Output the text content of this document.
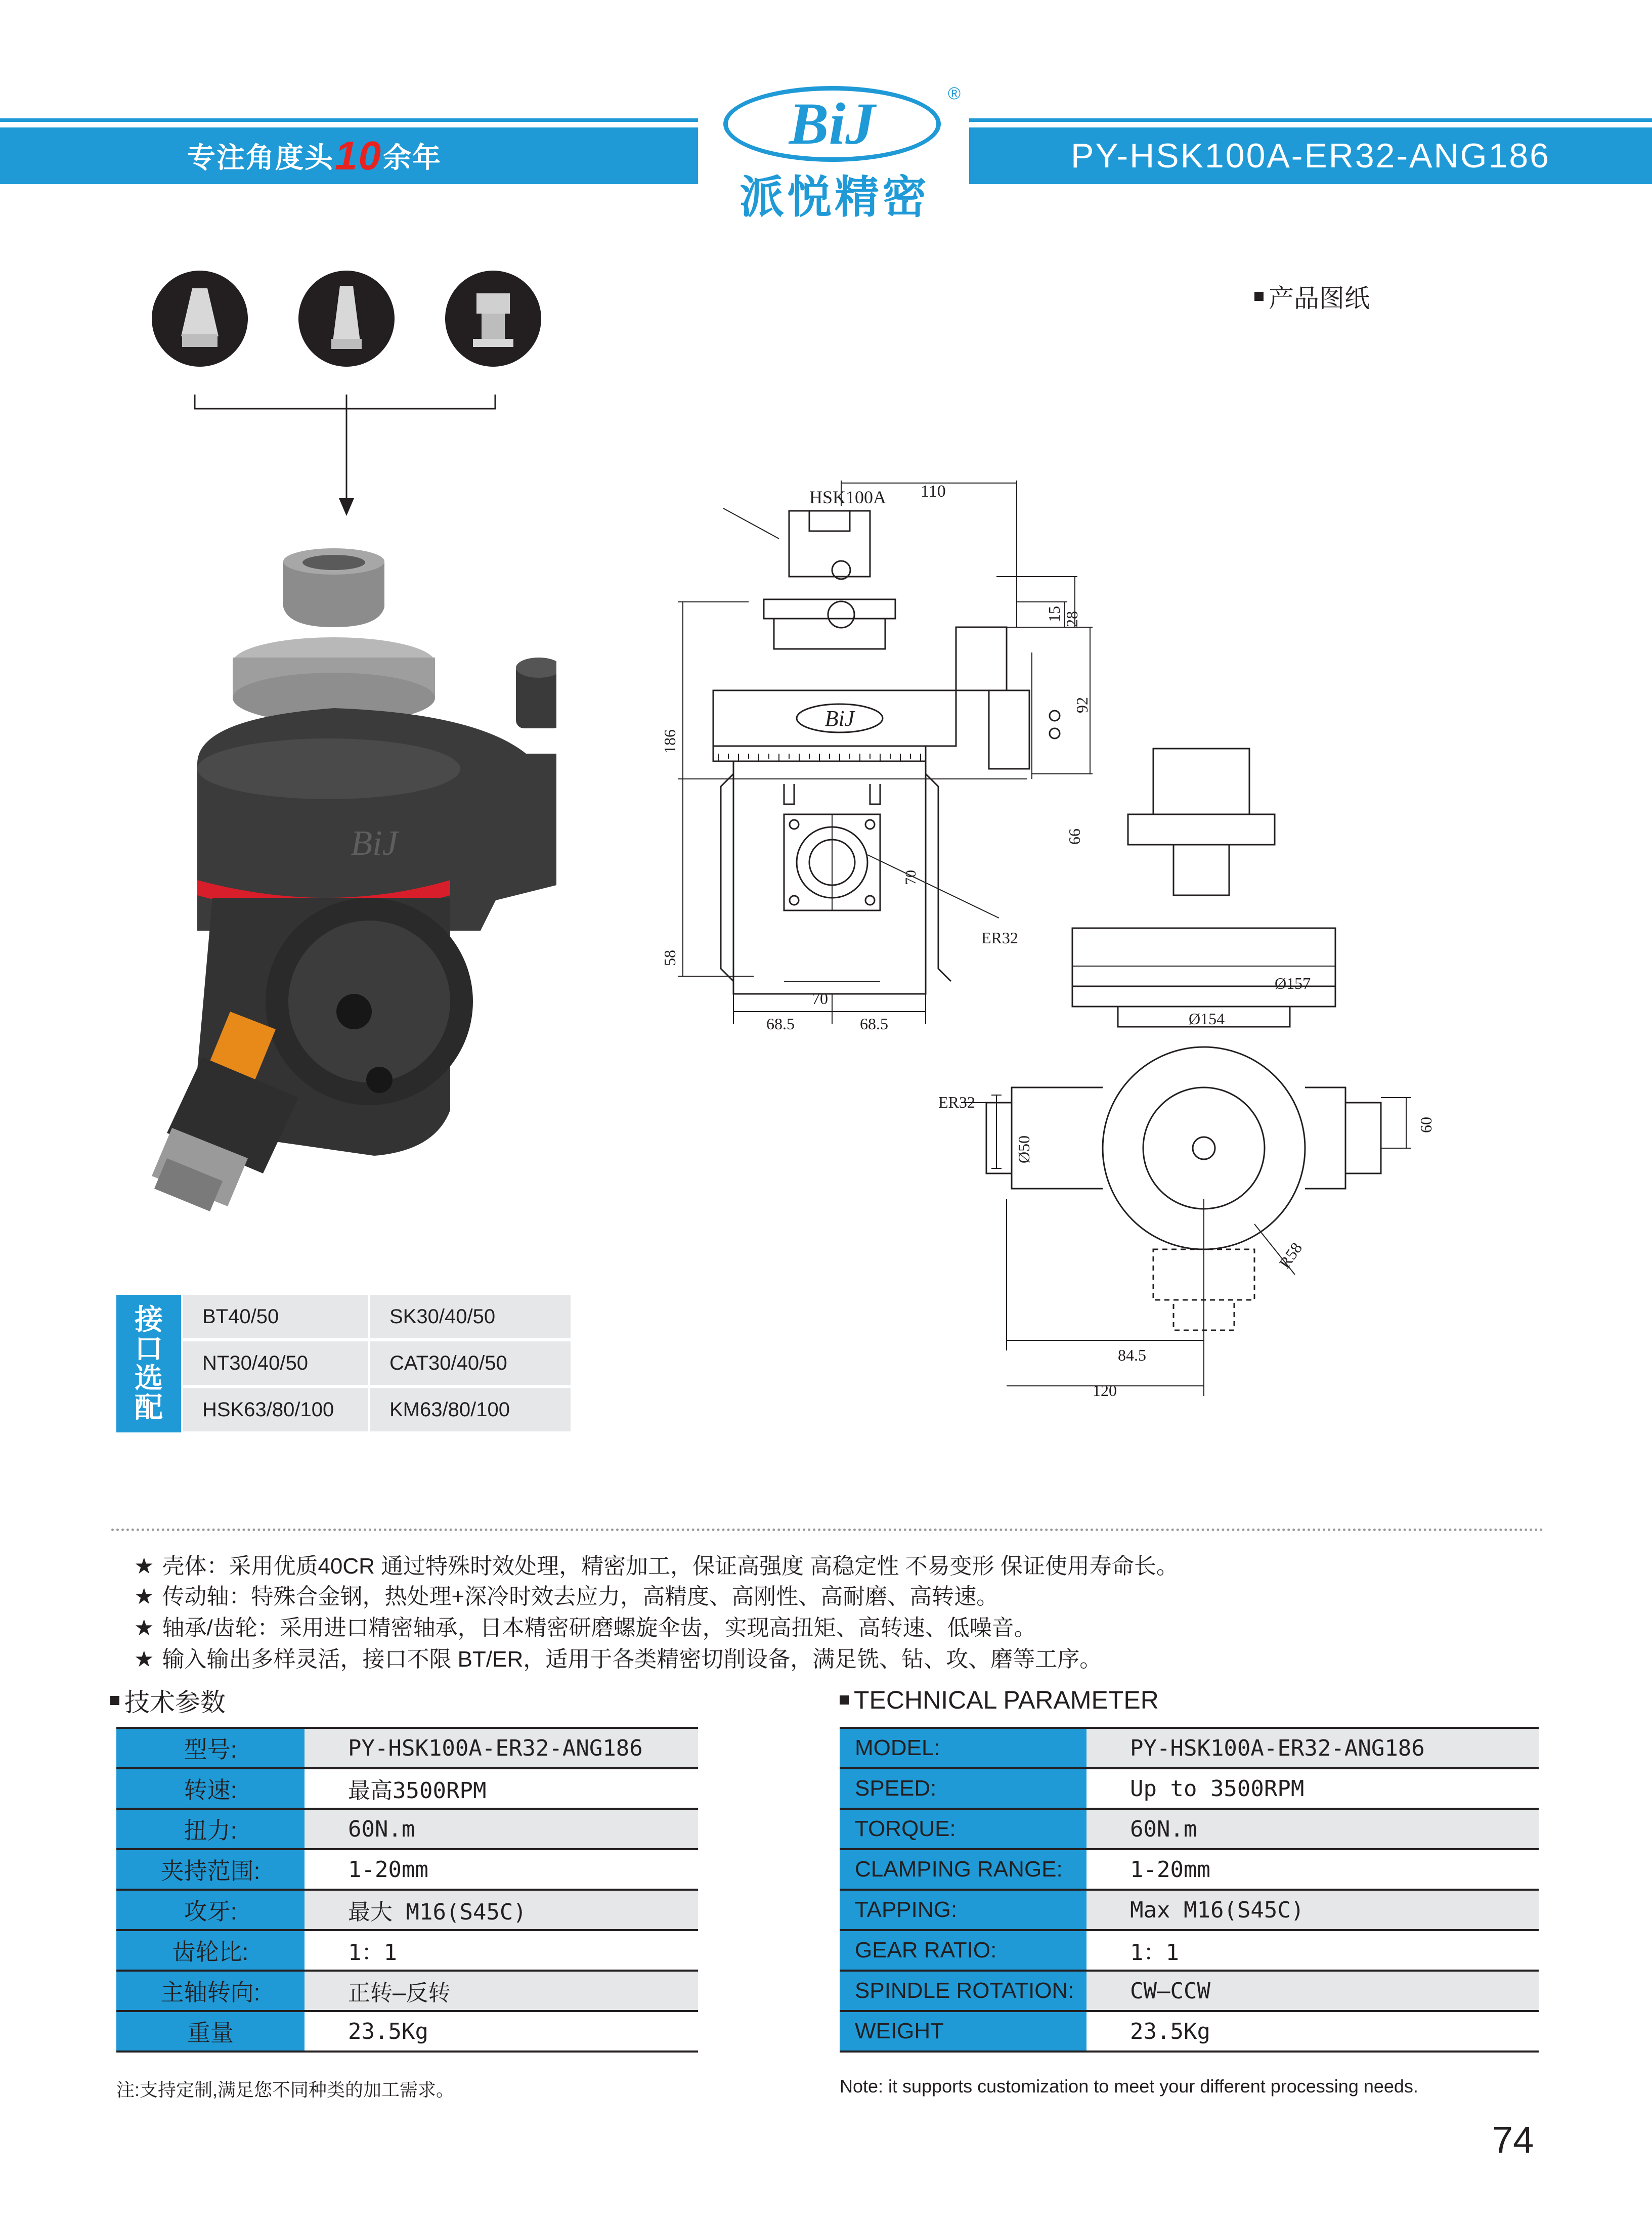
专注角度头 10 余年	PY-HSK100A-ER32-ANG186
BiJ	®
派悦精密
BiJ
产品图纸
BiJ
HSK100A 110
15 28
92
186
66
70
ER32
58
70
68.5	68.5
Ø157
Ø154
Ø50
60
ER32
R58
84.5
120
接口选配
BT40/50	SK30/40/50
NT30/40/50	CAT30/40/50
HSK63/80/100	KM63/80/100
★ 壳体：采用优质40CR 通过特殊时效处理，精密加工，保证高强度 高稳定性 不易变形 保证使用寿命长。
★ 传动轴：特殊合金钢，热处理+深冷时效去应力，高精度、高刚性、高耐磨、高转速。
★ 轴承/齿轮：采用进口精密轴承，日本精密研磨螺旋伞齿，实现高扭矩、高转速、低噪音。
★ 输入输出多样灵活，接口不限 BT/ER，适用于各类精密切削设备，满足铣、钻、攻、磨等工序。
技术参数	TECHNICAL PARAMETER
型号:	PY-HSK100A-ER32-ANG186
转速:	最高3500RPM
扭力:	60N.m
夹持范围:	1-20mm
攻牙:	最大 M16(S45C)
齿轮比:	1：1
主轴转向:	正转—反转
重量	23.5Kg
MODEL:	PY-HSK100A-ER32-ANG186
SPEED:	Up to 3500RPM
TORQUE:	60N.m
CLAMPING RANGE:	1-20mm
TAPPING:	Max M16(S45C)
GEAR RATIO:	1：1
SPINDLE ROTATION:	CW—CCW
WEIGHT	23.5Kg
注:支持定制,满足您不同种类的加工需求。	Note: it supports customization to meet your different processing needs.
74
